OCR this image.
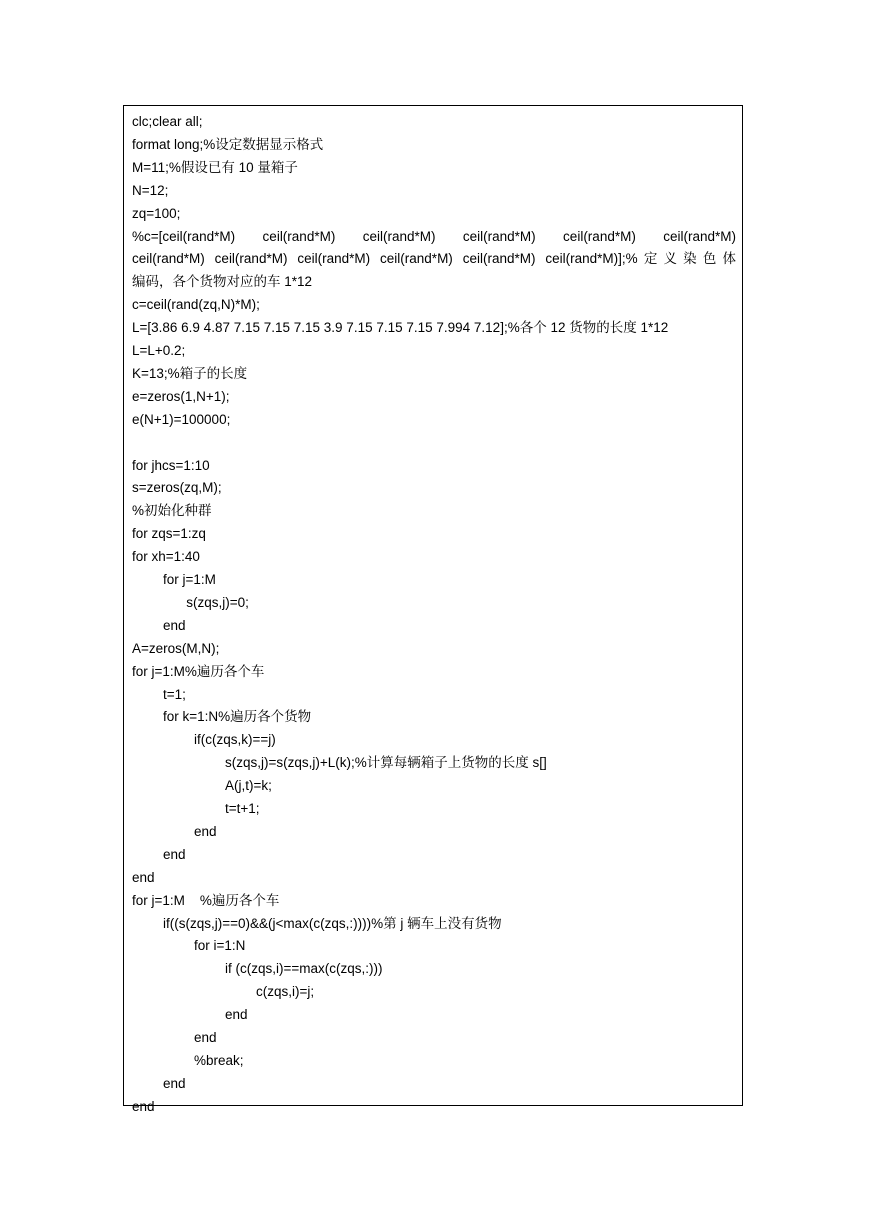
clc;clear all;
format long;%设定数据显示格式
M=11;%假设已有 10 量箱子
N=12;
zq=100;
%c=[ceil(rand*M) ceil(rand*M) ceil(rand*M) ceil(rand*M) ceil(rand*M) ceil(rand*M)
ceil(rand*M) ceil(rand*M) ceil(rand*M) ceil(rand*M) ceil(rand*M) ceil(rand*M)];%定义染色体
编码，各个货物对应的车 1*12
c=ceil(rand(zq,N)*M);
L=[3.86 6.9 4.87 7.15 7.15 7.15 3.9 7.15 7.15 7.15 7.994 7.12];%各个 12 货物的长度 1*12
L=L+0.2;
K=13;%箱子的长度
e=zeros(1,N+1);
e(N+1)=100000;
for jhcs=1:10
s=zeros(zq,M);
%初始化种群
for zqs=1:zq
for xh=1:40
for j=1:M
s(zqs,j)=0;
end
A=zeros(M,N);
for j=1:M%遍历各个车
t=1;
for k=1:N%遍历各个货物
if(c(zqs,k)==j)
s(zqs,j)=s(zqs,j)+L(k);%计算每辆箱子上货物的长度 s[]
A(j,t)=k;
t=t+1;
end
end
end
for j=1:M    %遍历各个车
if((s(zqs,j)==0)&&(j<max(c(zqs,:))))%第 j 辆车上没有货物
for i=1:N
if (c(zqs,i)==max(c(zqs,:)))
c(zqs,i)=j;
end
end
%break;
end
end
